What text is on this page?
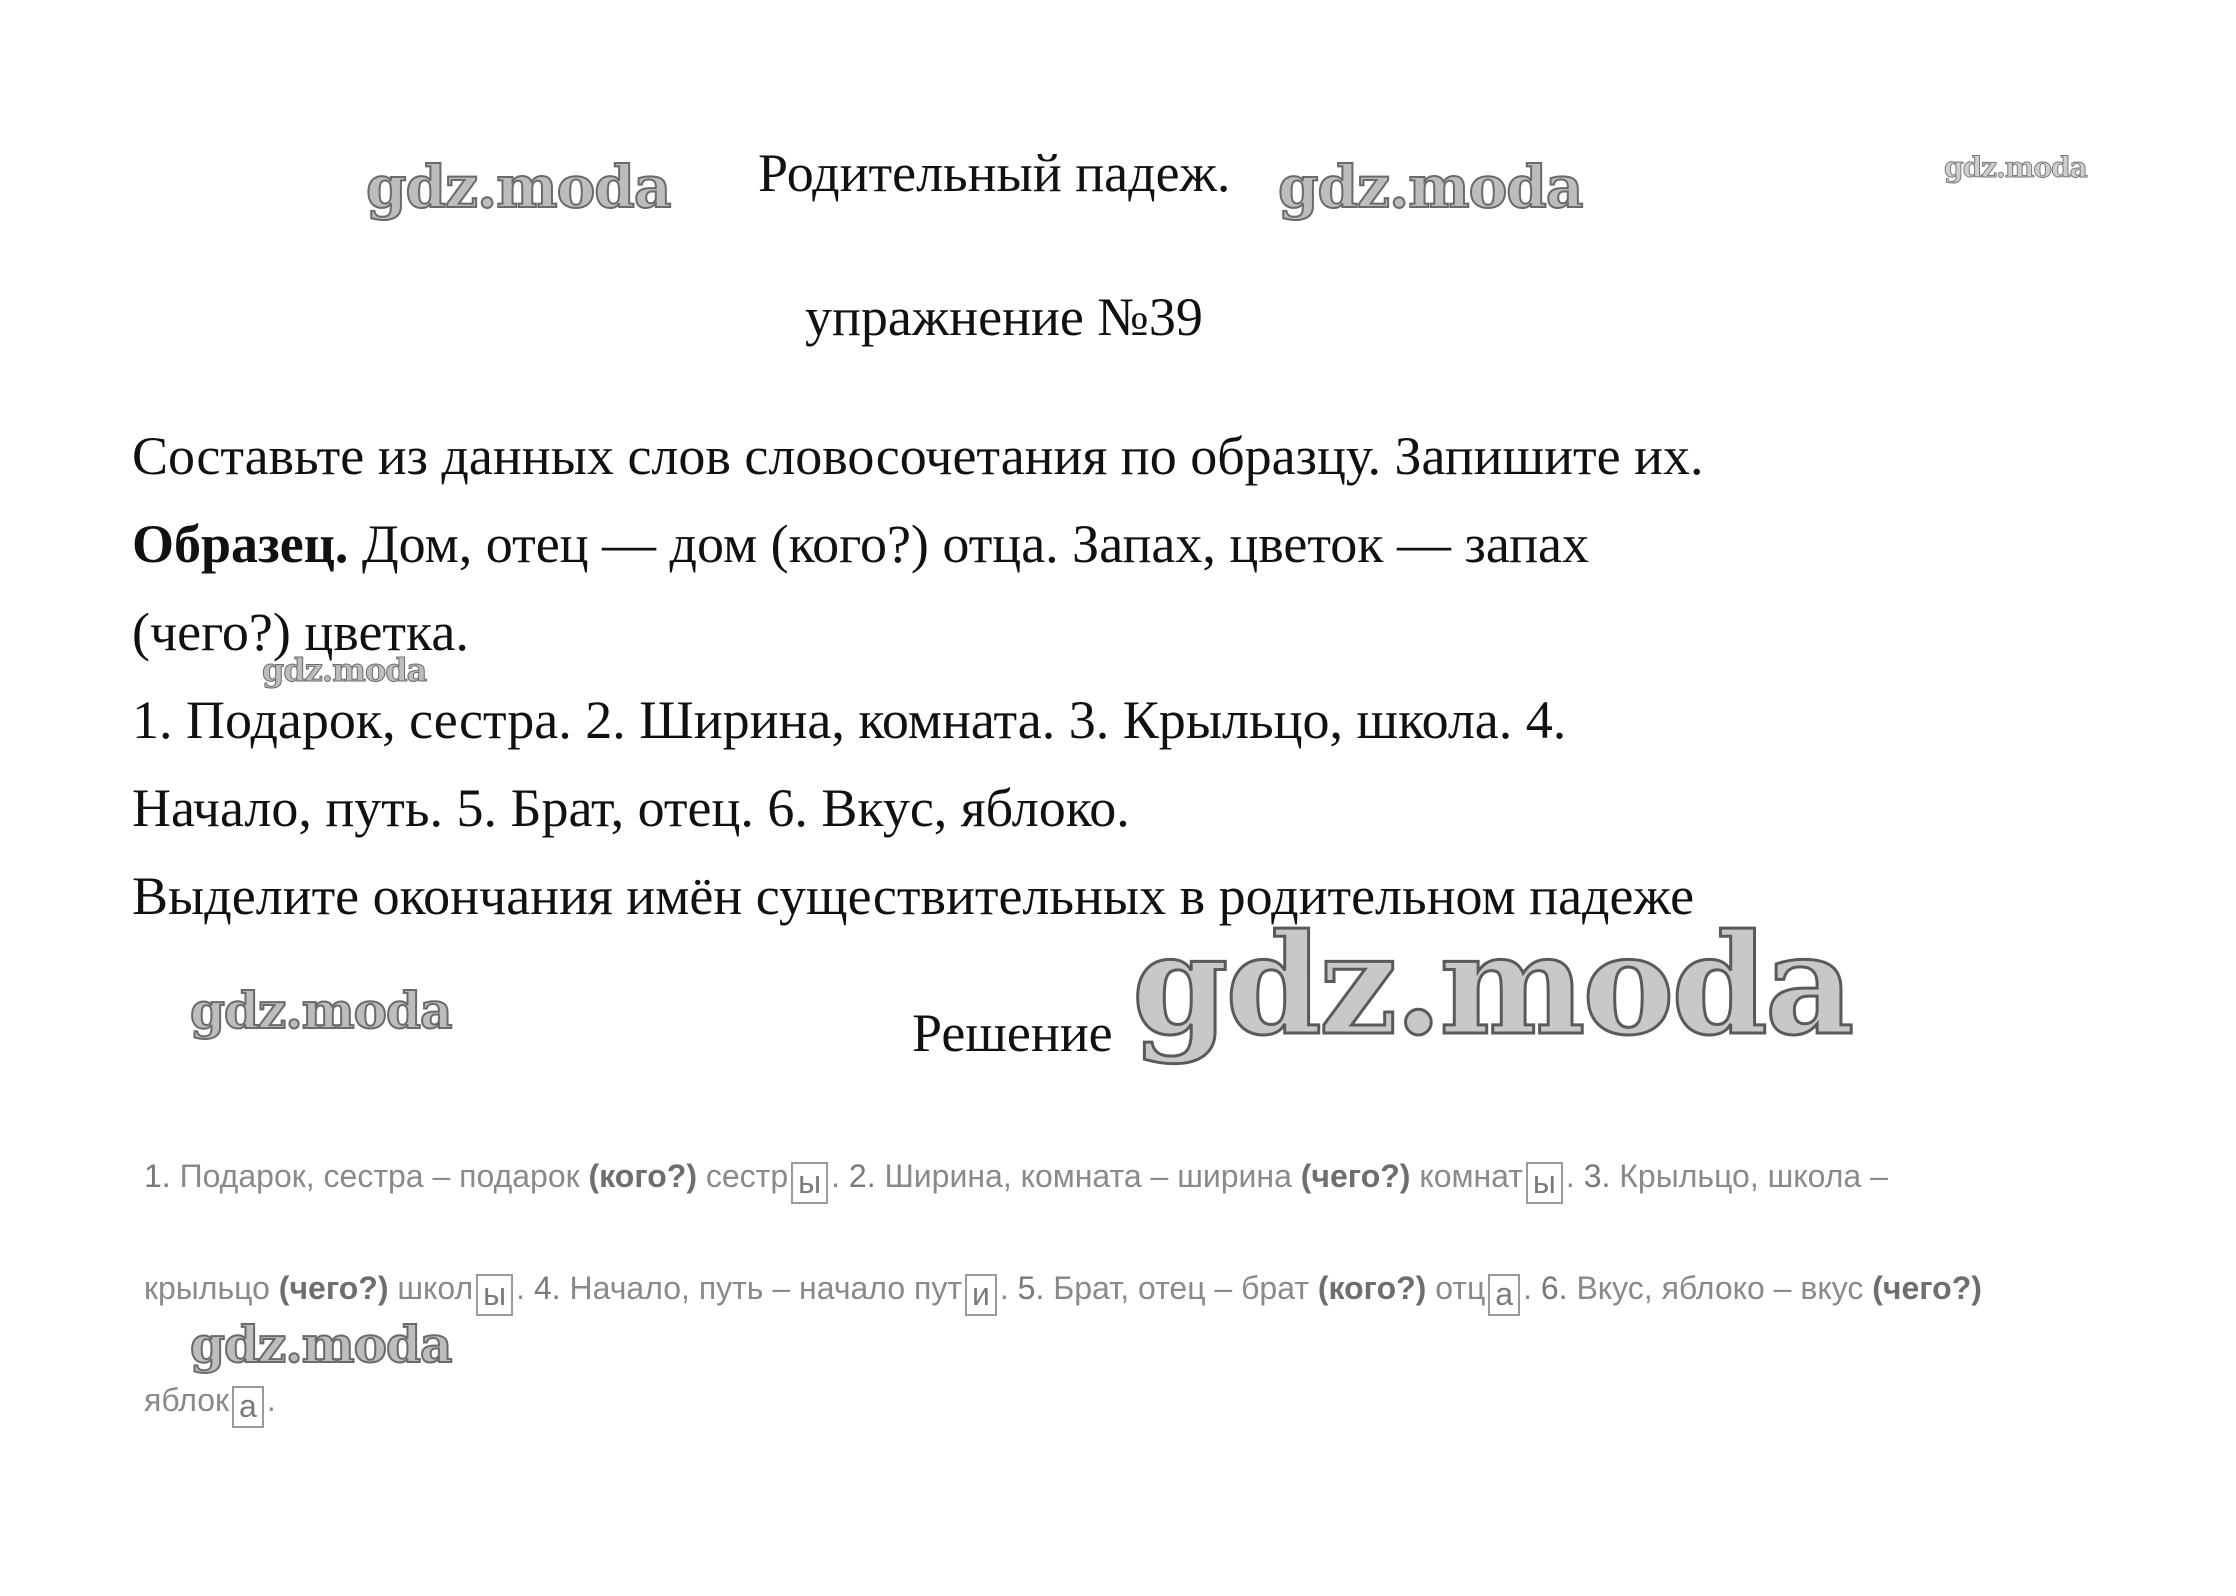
gdz.moda	gdz.moda	gdz.moda
gdz.moda
gdz.moda	gdz.moda
gdz.moda
Родительный падеж.
упражнение №39

Составьте из данных слов словосочетания по образцу. Запишите их.

Образец. Дом, отец — дом (кого?) отца. Запах, цветок — запах

(чего?) цветка.

1. Подарок, сестра. 2. Ширина, комната. 3. Крыльцо, школа. 4.

Начало, путь. 5. Брат, отец. 6. Вкус, яблоко.

Выделите окончания имён существительных в родительном падеже

Решение
1. Подарок, сестра – подарок (кого?) сестр ы . 2. Ширина, комната – ширина (чего?) комнат ы . 3. Крыльцо, школа –
крыльцо (чего?) школ ы . 4. Начало, путь – начало пут и . 5. Брат, отец – брат (кого?) отц а . 6. Вкус, яблоко – вкус (чего?)
яблок а .
